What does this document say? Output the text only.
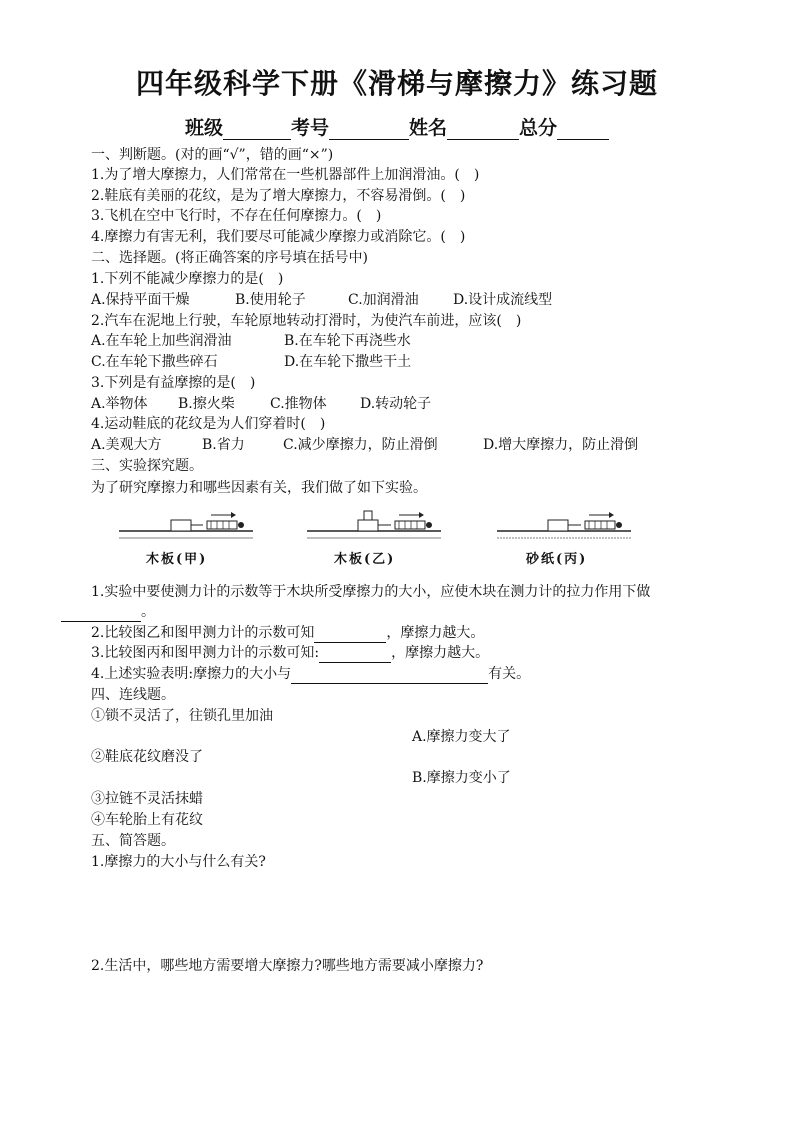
四年级科学下册《滑梯与摩擦力》练习题
班级	考号	姓名	总分
一、判断题。(对的画“√”，错的画“×”)
1.为了增大摩擦力，人们常常在一些机器部件上加润滑油。(　)
2.鞋底有美丽的花纹，是为了增大摩擦力，不容易滑倒。(　)
3.飞机在空中飞行时，不存在任何摩擦力。(　)
4.摩擦力有害无利，我们要尽可能减少摩擦力或消除它。(　)
二、选择题。(将正确答案的序号填在括号中)
1.下列不能减少摩擦力的是(　)
A.保持平面干燥	B.使用轮子	C.加润滑油 D.设计成流线型
2.汽车在泥地上行驶，车轮原地转动打滑时，为使汽车前进，应该(　)
A.在车轮上加些润滑油	B.在车轮下再浇些水
C.在车轮下撒些碎石	D.在车轮下撒些干土
3.下列是有益摩擦的是(　)
A.举物体 B.擦火柴	C.推物体 D.转动轮子
4.运动鞋底的花纹是为人们穿着时(　)
A.美观大方	B.省力	C.减少摩擦力，防止滑倒	D.增大摩擦力，防止滑倒
三、实验探究题。
为了研究摩擦力和哪些因素有关，我们做了如下实验。
木板(甲)	木板(乙)	砂纸(丙)
1.实验中要使测力计的示数等于木块所受摩擦力的大小，应使木块在测力计的拉力作用下做
。
2.比较图乙和图甲测力计的示数可知	，摩擦力越大。
3.比较图丙和图甲测力计的示数可知:	，摩擦力越大。
4.上述实验表明:摩擦力的大小与	有关。
四、连线题。
①锁不灵活了，往锁孔里加油
A.摩擦力变大了
②鞋底花纹磨没了
B.摩擦力变小了
③拉链不灵活抹蜡
④车轮胎上有花纹
五、简答题。
1.摩擦力的大小与什么有关?
2.生活中，哪些地方需要增大摩擦力?哪些地方需要减小摩擦力?
